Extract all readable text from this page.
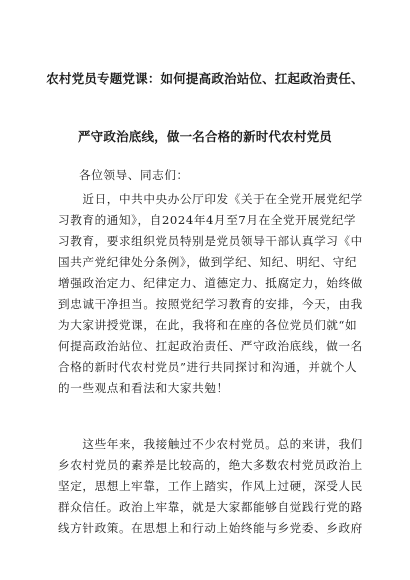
农村党员专题党课：如何提高政治站位、扛起政治责任、
严守政治底线，做一名合格的新时代农村党员
各位领导、同志们：
　　近日，中共中央办公厅印发《关于在全党开展党纪学
习教育的通知》，自2024年4月至7月在全党开展党纪学
习教育，要求组织党员特别是党员领导干部认真学习《中
国共产党纪律处分条例》，做到学纪、知纪、明纪、守纪
增强政治定力、纪律定力、道德定力、抵腐定力，始终做
到忠诚干净担当。按照党纪学习教育的安排，今天，由我
为大家讲授党课，在此，我将和在座的各位党员们就“如
何提高政治站位、扛起政治责任、严守政治底线，做一名
合格的新时代农村党员”进行共同探讨和沟通，并就个人
的一些观点和看法和大家共勉！
　　这些年来，我接触过不少农村党员。总的来讲，我们
乡农村党员的素养是比较高的，绝大多数农村党员政治上
坚定，思想上牢靠，工作上踏实，作风上过硬，深受人民
群众信任。政治上牢靠，就是大家都能够自觉践行党的路
线方针政策。在思想上和行动上始终能与乡党委、乡政府
